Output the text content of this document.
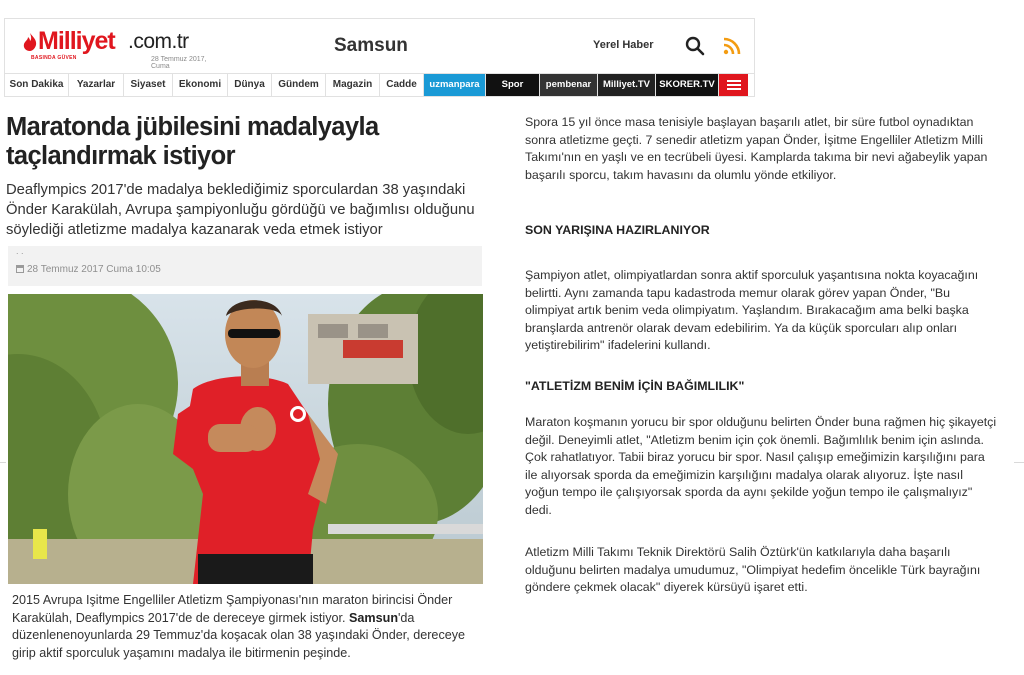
Milliyet .com.tr
BASINDA GÜVEN	28 Temmuz 2017, Cuma
Samsun	Yerel Haber
Son Dakika	Yazarlar	Siyaset	Ekonomi	Dünya	Gündem	Magazin	Cadde	uzmanpara	Spor	pembenar	Milliyet.TV SKORER.TV
Maratonda jübilesini madalyayla taçlandırmak istiyor

Deaflympics 2017'de madalya beklediğimiz sporculardan 38 yaşındaki Önder Karakülah, Avrupa şampiyonluğu gördüğü ve bağımlısı olduğunu söylediği atletizme madalya kazanarak veda etmek istiyor

. .
28 Temmuz 2017 Cuma 10:05

2015 Avrupa Işitme Engelliler Atletizm Şampiyonası'nın maraton birincisi Önder Karakülah, Deaflympics 2017'de de dereceye girmek istiyor. Samsun'da düzenlenenoyunlarda 29 Temmuz'da koşacak olan 38 yaşındaki Önder, dereceye girip aktif sporculuk yaşamını madalya ile bitirmenin peşinde.

Spora 15 yıl önce masa tenisiyle başlayan başarılı atlet, bir süre futbol oynadıktan sonra atletizme geçti. 7 senedir atletizm yapan Önder, İşitme Engelliler Atletizm Milli Takımı'nın en yaşlı ve en tecrübeli üyesi. Kamplarda takıma bir nevi ağabeylik yapan başarılı sporcu, takım havasını da olumlu yönde etkiliyor.

SON YARIŞINA HAZIRLANIYOR

Şampiyon atlet, olimpiyatlardan sonra aktif sporculuk yaşantısına nokta koyacağını belirtti. Aynı zamanda tapu kadastroda memur olarak görev yapan Önder, "Bu olimpiyat artık benim veda olimpiyatım. Yaşlandım. Bırakacağım ama belki başka branşlarda antrenör olarak devam edebilirim. Ya da küçük sporcuları alıp onları yetiştirebilirim" ifadelerini kullandı.

"ATLETİZM BENİM İÇİN BAĞIMLILIK"

Maraton koşmanın yorucu bir spor olduğunu belirten Önder buna rağmen hiç şikayetçi değil. Deneyimli atlet, "Atletizm benim için çok önemli. Bağımlılık benim için aslında. Çok rahatlatıyor. Tabii biraz yorucu bir spor. Nasıl çalışıp emeğimizin karşılığını para ile alıyorsak sporda da emeğimizin karşılığını madalya olarak alıyoruz. İşte nasıl yoğun tempo ile çalışıyorsak sporda da aynı şekilde yoğun tempo ile çalışmalıyız" dedi.

Atletizm Milli Takımı Teknik Direktörü Salih Öztürk'ün katkılarıyla daha başarılı olduğunu belirten madalya umudumuz, "Olimpiyat hedefim öncelikle Türk bayrağını göndere çekmek olacak" diyerek kürsüyü işaret etti.
